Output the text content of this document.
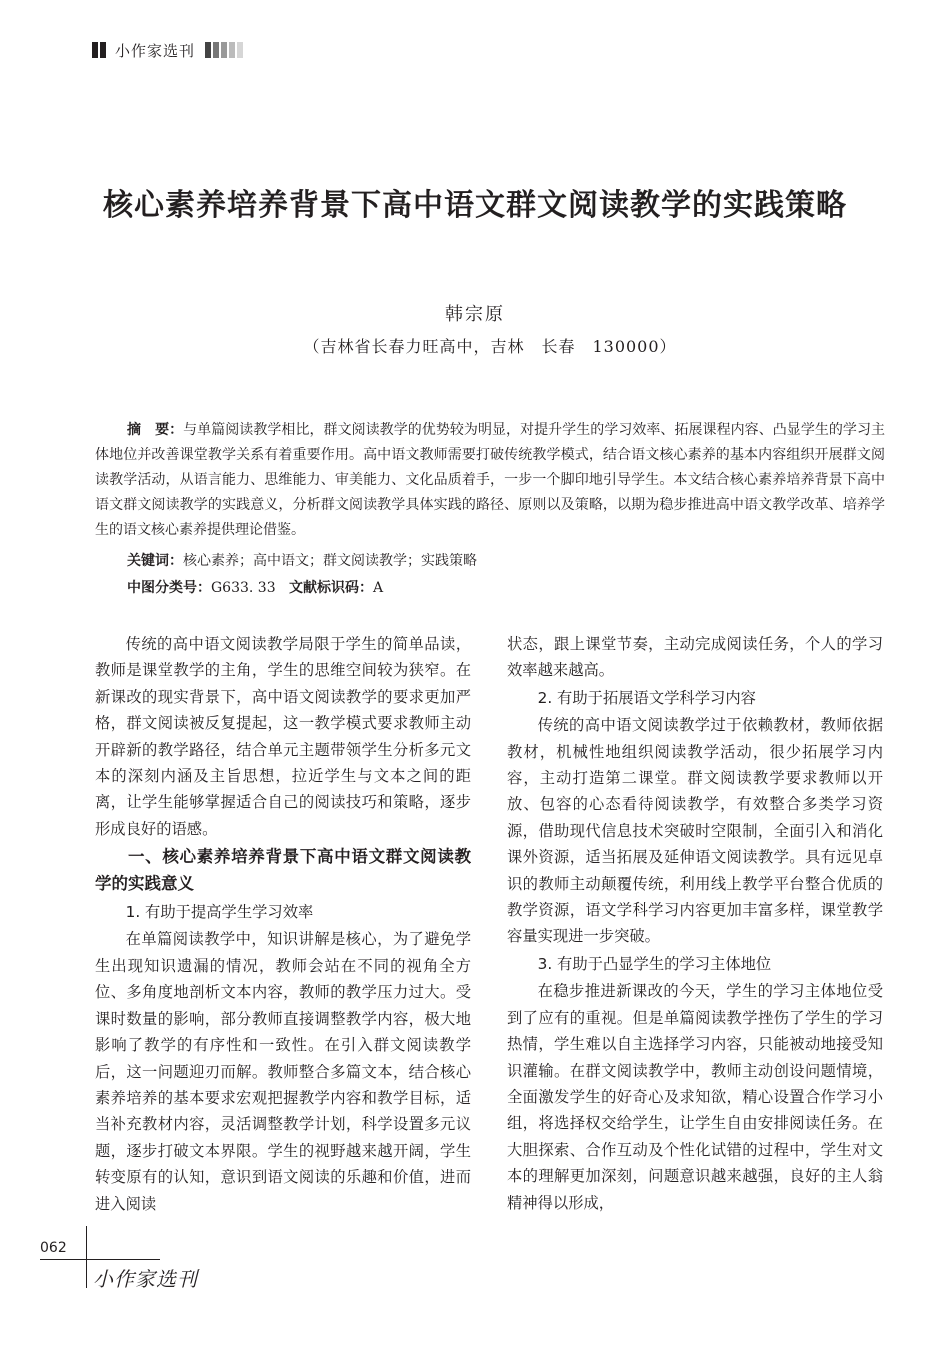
小作家选刊
核心素养培养背景下高中语文群文阅读教学的实践策略
韩宗原
（吉林省长春力旺高中，吉林　长春　130000）

摘　要：与单篇阅读教学相比，群文阅读教学的优势较为明显，对提升学生的学习效率、拓展课程内容、凸显学生的学习主体地位并改善课堂教学关系有着重要作用。高中语文教师需要打破传统教学模式，结合语文核心素养的基本内容组织开展群文阅读教学活动，从语言能力、思维能力、审美能力、文化品质着手，一步一个脚印地引导学生。本文结合核心素养培养背景下高中语文群文阅读教学的实践意义，分析群文阅读教学具体实践的路径、原则以及策略，以期为稳步推进高中语文教学改革、培养学生的语文核心素养提供理论借鉴。

关键词：核心素养；高中语文；群文阅读教学；实践策略
中图分类号：G633. 33 文献标识码：A

传统的高中语文阅读教学局限于学生的简单品读，教师是课堂教学的主角，学生的思维空间较为狭窄。在新课改的现实背景下，高中语文阅读教学的要求更加严格，群文阅读被反复提起，这一教学模式要求教师主动开辟新的教学路径，结合单元主题带领学生分析多元文本的深刻内涵及主旨思想，拉近学生与文本之间的距离，让学生能够掌握适合自己的阅读技巧和策略，逐步形成良好的语感。

一、核心素养培养背景下高中语文群文阅读教学的实践意义
1. 有助于提高学生学习效率

在单篇阅读教学中，知识讲解是核心，为了避免学生出现知识遗漏的情况，教师会站在不同的视角全方位、多角度地剖析文本内容，教师的教学压力过大。受课时数量的影响，部分教师直接调整教学内容，极大地影响了教学的有序性和一致性。在引入群文阅读教学后，这一问题迎刃而解。教师整合多篇文本，结合核心素养培养的基本要求宏观把握教学内容和教学目标，适当补充教材内容，灵活调整教学计划，科学设置多元议题，逐步打破文本界限。学生的视野越来越开阔，学生转变原有的认知，意识到语文阅读的乐趣和价值，进而进入阅读

状态，跟上课堂节奏，主动完成阅读任务，个人的学习效率越来越高。

2. 有助于拓展语文学科学习内容

传统的高中语文阅读教学过于依赖教材，教师依据教材，机械性地组织阅读教学活动，很少拓展学习内容，主动打造第二课堂。群文阅读教学要求教师以开放、包容的心态看待阅读教学，有效整合多类学习资源，借助现代信息技术突破时空限制，全面引入和消化课外资源，适当拓展及延伸语文阅读教学。具有远见卓识的教师主动颠覆传统，利用线上教学平台整合优质的教学资源，语文学科学习内容更加丰富多样，课堂教学容量实现进一步突破。

3. 有助于凸显学生的学习主体地位

在稳步推进新课改的今天，学生的学习主体地位受到了应有的重视。但是单篇阅读教学挫伤了学生的学习热情，学生难以自主选择学习内容，只能被动地接受知识灌输。在群文阅读教学中，教师主动创设问题情境，全面激发学生的好奇心及求知欲，精心设置合作学习小组，将选择权交给学生，让学生自由安排阅读任务。在大胆探索、合作互动及个性化试错的过程中，学生对文本的理解更加深刻，问题意识越来越强，良好的主人翁精神得以形成，

062
小作家选刊
